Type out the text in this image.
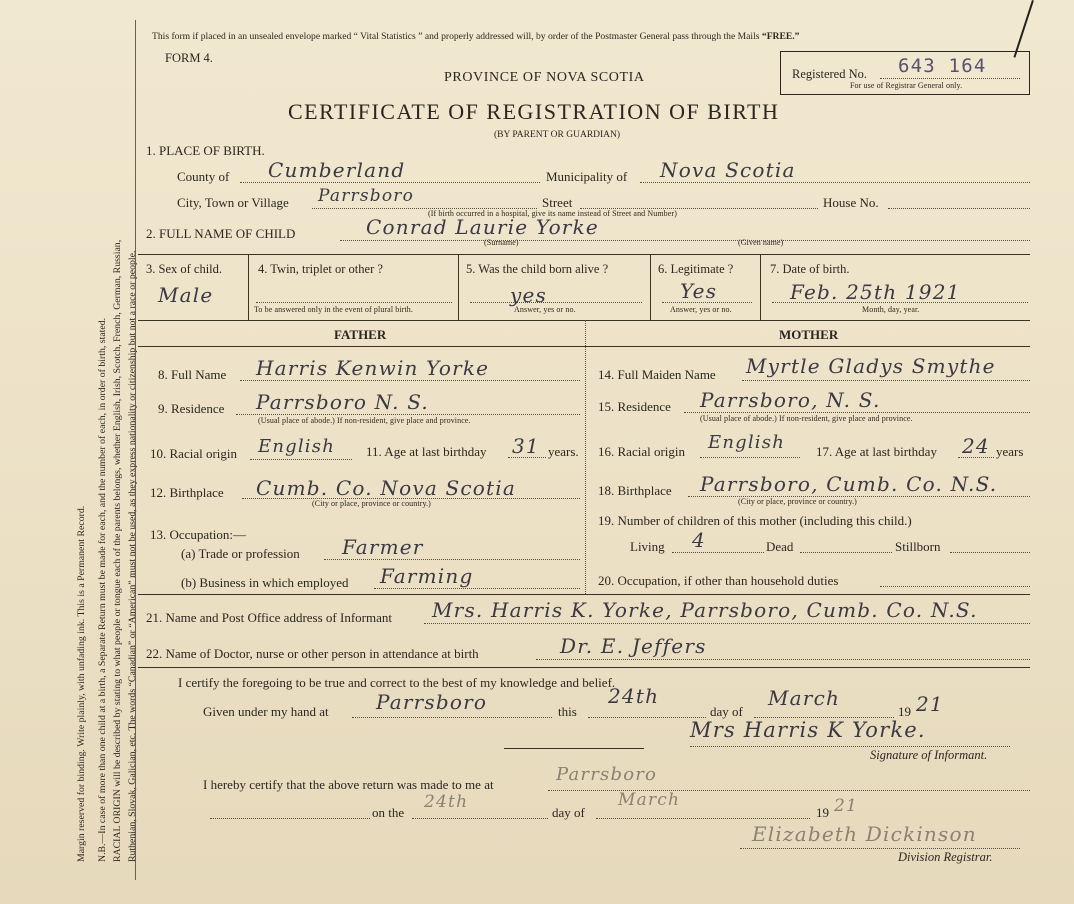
Margin reserved for binding. Write plainly, with unfading ink. This is a Permanent Record. N.B.—In case of more than one child at a birth, a Separate Return must be made for each, and the number of each, in order of birth, stated. RACIAL ORIGIN will be described by stating to what people or tongue each of the parents belongs, whether English, Irish, Scotch, French, German, Russian, Ruthenian, Slovak, Galician, etc. The words “Canadian” or “American” must not be used, as they express nationality or citizenship but not a race or people.
This form if placed in an unsealed envelope marked “ Vital Statistics ” and properly addressed will, by order of the Postmaster General pass through the Mails “FREE.”
FORM 4.
PROVINCE OF NOVA SCOTIA
CERTIFICATE OF REGISTRATION OF BIRTH
(BY PARENT OR GUARDIAN)
Registered No. 643 164
For use of Registrar General only.
1. PLACE OF BIRTH.
County of Cumberland	Municipality of Nova Scotia
City, Town or Village Parrsboro	Street	House No.
(If birth occurred in a hospital, give its name instead of Street and Number)
2. FULL NAME OF CHILD	Conrad Laurie Yorke
(Surname)	(Given name)
3. Sex of child.
Male
4. Twin, triplet or other ?
To be answered only in the event of plural birth.
5. Was the child born alive ?
yes
Answer, yes or no.
6. Legitimate ?
Yes
Answer, yes or no.
7. Date of birth.
Feb. 25th 1921
Month, day, year.
FATHER	MOTHER
8. Full Name Harris Kenwin Yorke
9. Residence Parrsboro N. S.
(Usual place of abode.) If non-resident, give place and province.
10. Racial origin English 11. Age at last birthday 31 years.
12. Birthplace Cumb. Co. Nova Scotia
(City or place, province or country.)
13. Occupation:—
(a) Trade or profession Farmer
(b) Business in which employed Farming
14. Full Maiden Name Myrtle Gladys Smythe
15. Residence Parrsboro, N. S.
(Usual place of abode.) If non-resident, give place and province.
16. Racial origin English 17. Age at last birthday 24 years
18. Birthplace Parrsboro, Cumb. Co. N.S.
(City or place, province or country.)
19. Number of children of this mother (including this child.)
Living 4	Dead	Stillborn
20. Occupation, if other than household duties
21. Name and Post Office address of Informant Mrs. Harris K. Yorke, Parrsboro, Cumb. Co. N.S.
22. Name of Doctor, nurse or other person in attendance at birth	Dr. E. Jeffers
I certify the foregoing to be true and correct to the best of my knowledge and belief.
Given under my hand at Parrsboro	this
24th
day of
March
19 21
Mrs Harris K Yorke.
Signature of Informant.
I hereby certify that the above return was made to me at	Parrsboro
on the
24th
day of
March
19 21
Elizabeth Dickinson
Division Registrar.
